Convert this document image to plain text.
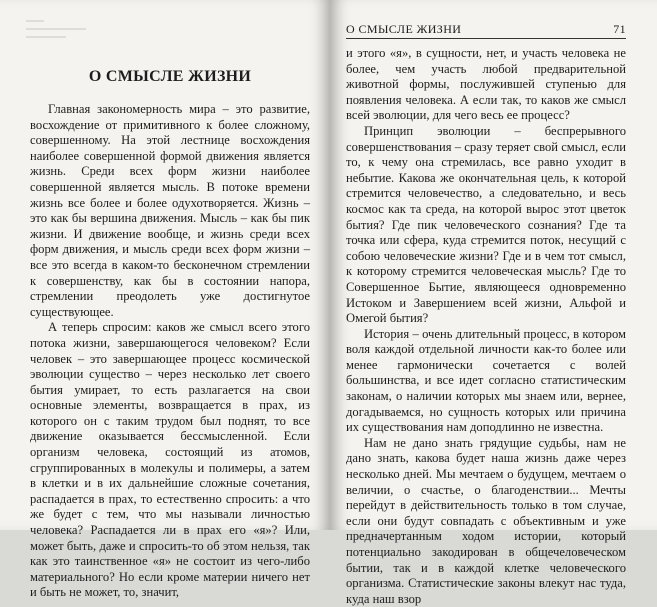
О СМЫСЛЕ ЖИЗНИ

Главная закономерность мира – это развитие, восхождение от примитивного к более сложному, совершенному. На этой лестнице восхождения наиболее совершенной формой движения является жизнь. Среди всех форм жизни наиболее совершенной является мысль. В потоке времени жизнь все более и более одухотворяется. Жизнь – это как бы вершина движения. Мысль – как бы пик жизни. И движение вообще, и жизнь среди всех форм движения, и мысль среди всех форм жизни – все это всегда в каком-то бесконечном стремлении к совершенству, как бы в состоянии напора, стремлении преодолеть уже достигнутое существующее.

А теперь спросим: каков же смысл всего этого потока жизни, завершающегося человеком? Если человек – это завершающее процесс космической эволюции существо – через несколько лет своего бытия умирает, то есть разлагается на свои основные элементы, возвращается в прах, из которого он с таким трудом был поднят, то все движение оказывается бессмысленной. Если организм человека, состоящий из атомов, сгруппированных в молекулы и полимеры, а затем в клетки и в их дальнейшие сложные сочетания, распадается в прах, то естественно спросить: а что же будет с тем, что мы называли личностью человека? Распадается ли в прах его «я»? Или, может быть, даже и спросить-то об этом нельзя, так как это таинственное «я» не состоит из чего-либо материального? Но если кроме материи ничего нет и быть не может, то, значит,

О СМЫСЛЕ ЖИЗНИ	71

и этого «я», в сущности, нет, и участь человека не более, чем участь любой предварительной животной формы, послужившей ступенью для появления человека. А если так, то каков же смысл всей эволюции, для чего весь ее процесс?

Принцип эволюции – беспрерывного совершенствования – сразу теряет свой смысл, если то, к чему она стремилась, все равно уходит в небытие. Какова же окончательная цель, к которой стремится человечество, а следовательно, и весь космос как та среда, на которой вырос этот цветок бытия? Где пик человеческого сознания? Где та точка или сфера, куда стремится поток, несущий с собою человеческие жизни? Где и в чем тот смысл, к которому стремится человеческая мысль? Где то Совершенное Бытие, являющееся одновременно Истоком и Завершением всей жизни, Альфой и Омегой бытия?

История – очень длительный процесс, в котором воля каждой отдельной личности как-то более или менее гармонически сочетается с волей большинства, и все идет согласно статистическим законам, о наличии которых мы знаем или, вернее, догадываемся, но сущность которых или причина их существования нам доподлинно не известна.

Нам не дано знать грядущие судьбы, нам не дано знать, какова будет наша жизнь даже через несколько дней. Мы мечтаем о будущем, мечтаем о величии, о счастье, о благоденствии... Мечты перейдут в действительность только в том случае, если они будут совпадать с объективным и уже предначертанным ходом истории, который потенциально закодирован в общечеловеческом бытии, так и в каждой клетке человеческого организма. Статистические законы влекут нас туда, куда наш взор
